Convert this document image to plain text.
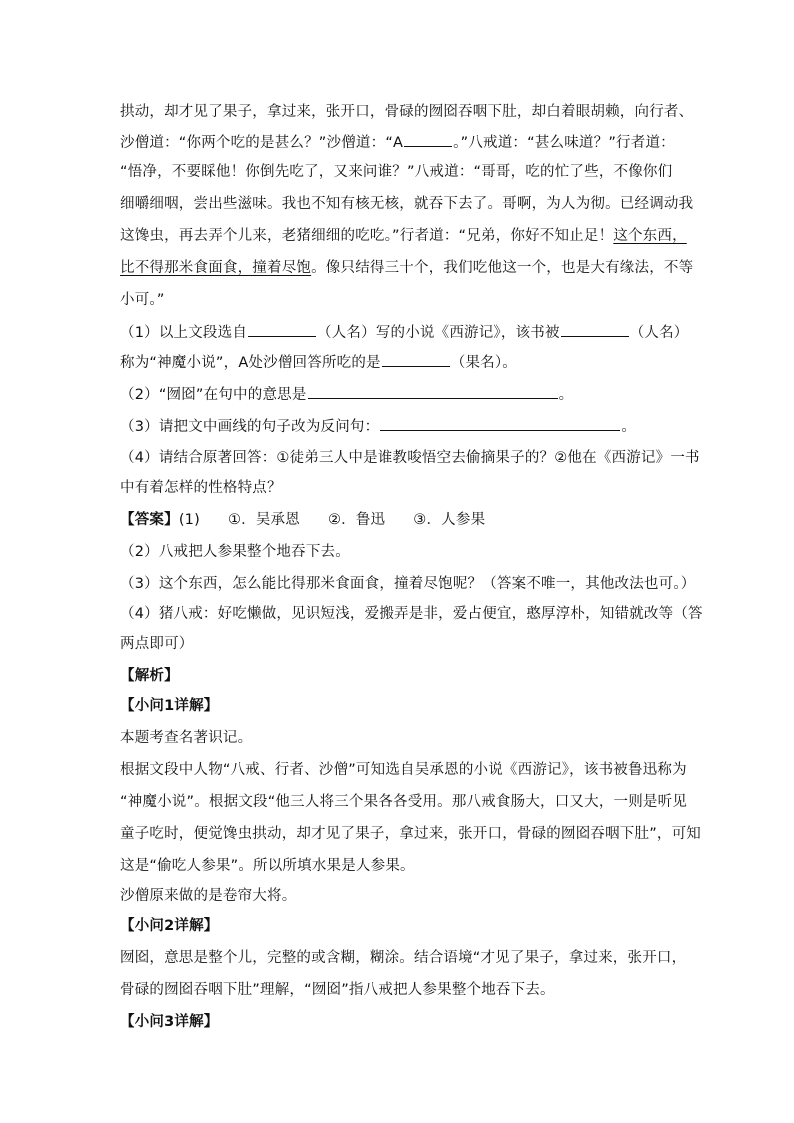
拱动，却才见了果子，拿过来，张开口，骨碌的囫囵吞咽下肚，却白着眼胡赖，向行者、
沙僧道：“你两个吃的是甚么？”沙僧道：“A	。”八戒道：“甚么味道？”行者道：
“悟净，不要睬他！你倒先吃了，又来问谁？”八戒道：“哥哥，吃的忙了些，不像你们
细嚼细咽，尝出些滋味。我也不知有核无核，就吞下去了。哥啊，为人为彻。已经调动我
这馋虫，再去弄个儿来，老猪细细的吃吃。”行者道：“兄弟，你好不知止足！这个东西，
比不得那米食面食，撞着尽饱。像只结得三十个，我们吃他这一个，也是大有缘法，不等
小可。”
（1）以上文段选自	（人名）写的小说《西游记》，该书被	（人名）
称为“神魔小说”，A处沙僧回答所吃的是	（果名）。
（2）“囫囵”在句中的意思是	。
（3）请把文中画线的句子改为反问句：	。
（4）请结合原著回答：①徒弟三人中是谁教唆悟空去偷摘果子的？②他在《西游记》一书
中有着怎样的性格特点？
【答案】(1) ①．吴承恩 ②．鲁迅 ③．人参果
（2）八戒把人参果整个地吞下去。
（3）这个东西，怎么能比得那米食面食，撞着尽饱呢？（答案不唯一，其他改法也可。）
（4）猪八戒：好吃懒做，见识短浅，爱搬弄是非，爱占便宜，憨厚淳朴，知错就改等（答
两点即可）
【解析】
【小问1详解】
本题考查名著识记。
根据文段中人物“八戒、行者、沙僧”可知选自吴承恩的小说《西游记》，该书被鲁迅称为
“神魔小说”。根据文段“他三人将三个果各各受用。那八戒食肠大，口又大，一则是听见
童子吃时，便觉馋虫拱动，却才见了果子，拿过来，张开口，骨碌的囫囵吞咽下肚”，可知
这是“偷吃人参果”。所以所填水果是人参果。
沙僧原来做的是卷帘大将。
【小问2详解】
囫囵，意思是整个儿，完整的或含糊，糊涂。结合语境“才见了果子，拿过来，张开口，
骨碌的囫囵吞咽下肚”理解，“囫囵”指八戒把人参果整个地吞下去。
【小问3详解】
